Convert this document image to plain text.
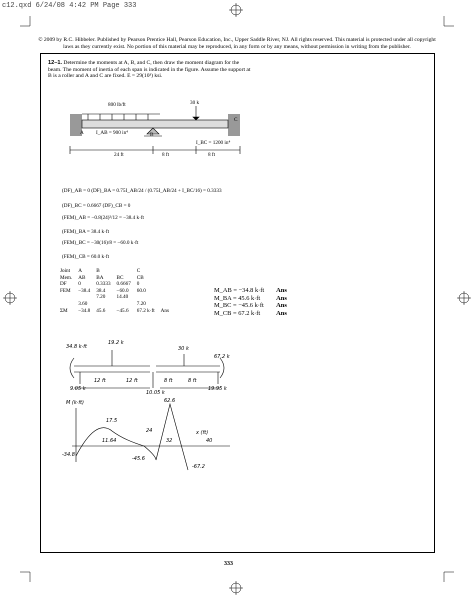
c12.qxd 6/24/08 4:42 PM Page 333
© 2009 by R.C. Hibbeler. Published by Pearson Prentice Hall, Pearson Education, Inc., Upper Saddle River, NJ. All rights reserved. This material is protected under all copyright laws as they currently exist. No portion of this material may be reproduced, in any form or by any means, without permission in writing from the publisher.
12–1. Determine the moments at A, B, and C, then draw the moment diagram for the beam. The moment of inertia of each span is indicated in the figure. Assume the support at B is a roller and A and C are fixed. E = 29(10³) ksi.
800 lb/ft	30 k
A	B
C
I_AB = 900 in⁴
I_BC = 1200 in⁴
24 ft	8 ft	8 ft
(DF)_AB = 0 (DF)_BA = 0.75I_AB/24 / (0.75I_AB/24 + I_BC/16) = 0.3333
(DF)_BC = 0.6667 (DF)_CB = 0
(FEM)_AB = −0.8(24)²/12 = −38.4 k·ft
(FEM)_BA = 38.4 k·ft
(FEM)_BC = −30(16)/8 = −60.0 k·ft
(FEM)_CB = 60.0 k·ft
Joint	A	B		C	
Mem.	AB	BA	BC	CB	
DF	0	0.3333	0.6667	0	
FEM	−38.4	38.4	−60.0	60.0	
		7.20	14.40		
	3.60			7.20	
ΣM	−34.8	45.6	−45.6	67.2 k·ft	Ans
M_AB = −34.8 k·ft	Ans
M_BA = 45.6 k·ft	Ans
M_BC = −45.6 k·ft	Ans
M_CB = 67.2 k·ft	Ans
34.8 k·ft
19.2 k
30 k
67.2 k
12 ft	12 ft	8 ft	8 ft
9.05 k
10.05 k
19.95 k
M (k·ft)
17.5
62.6
11.64
24
32	40
x (ft)
-34.8
-45.6
-67.2
333
